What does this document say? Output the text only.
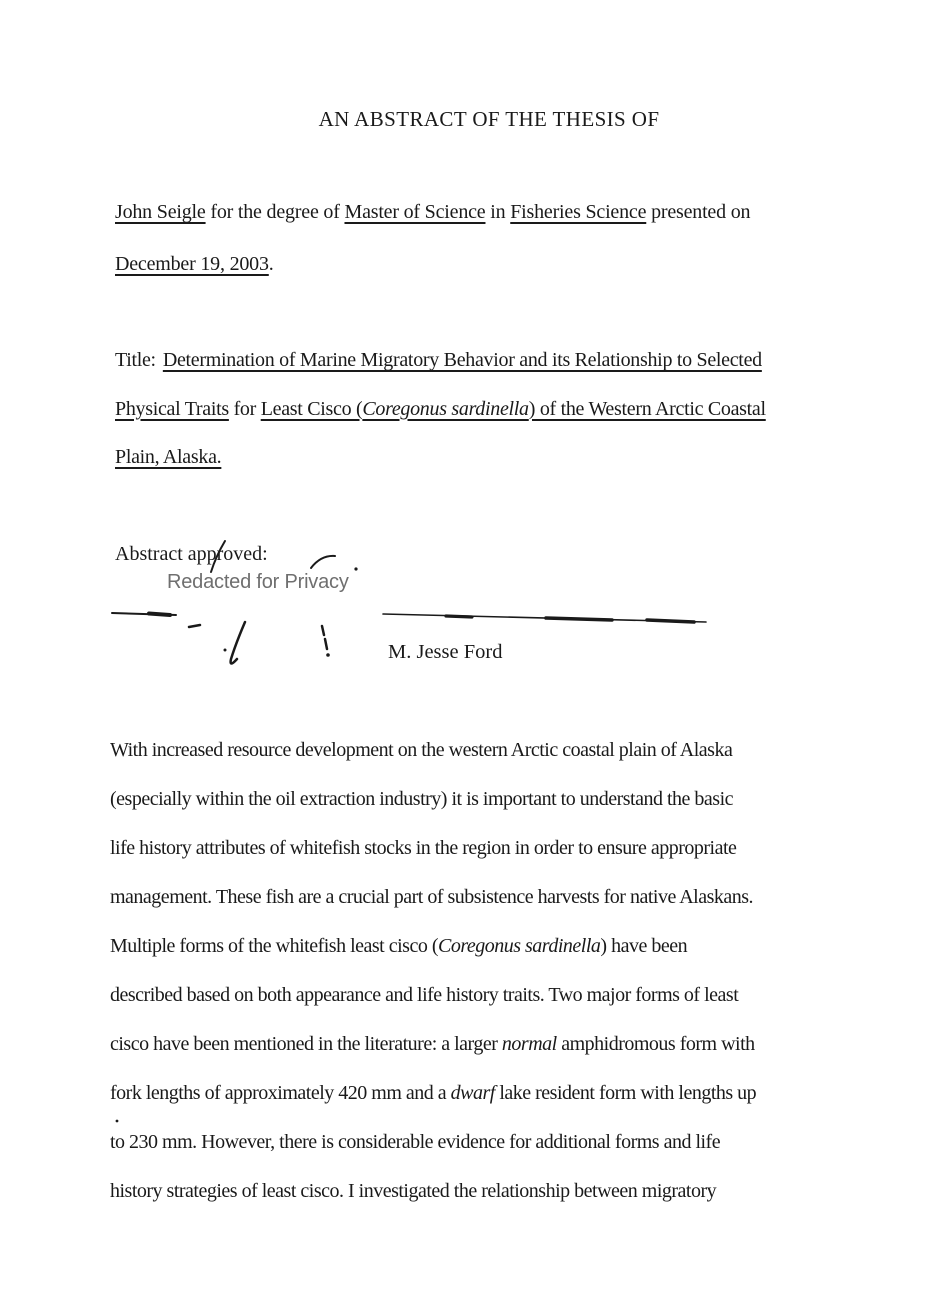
AN ABSTRACT OF THE THESIS OF
John Seigle for the degree of Master of Science in Fisheries Science presented on
December 19, 2003.
Title: Determination of Marine Migratory Behavior and its Relationship to Selected
Physical Traits for Least Cisco (Coregonus sardinella) of the Western Arctic Coastal
Plain, Alaska.
Abstract approved:
Redacted for Privacy
M. Jesse Ford
With increased resource development on the western Arctic coastal plain of Alaska
(especially within the oil extraction industry) it is important to understand the basic
life history attributes of whitefish stocks in the region in order to ensure appropriate
management. These fish are a crucial part of subsistence harvests for native Alaskans.
Multiple forms of the whitefish least cisco (Coregonus sardinella) have been
described based on both appearance and life history traits. Two major forms of least
cisco have been mentioned in the literature: a larger normal amphidromous form with
fork lengths of approximately 420 mm and a dwarf lake resident form with lengths up
to 230 mm. However, there is considerable evidence for additional forms and life
history strategies of least cisco. I investigated the relationship between migratory
